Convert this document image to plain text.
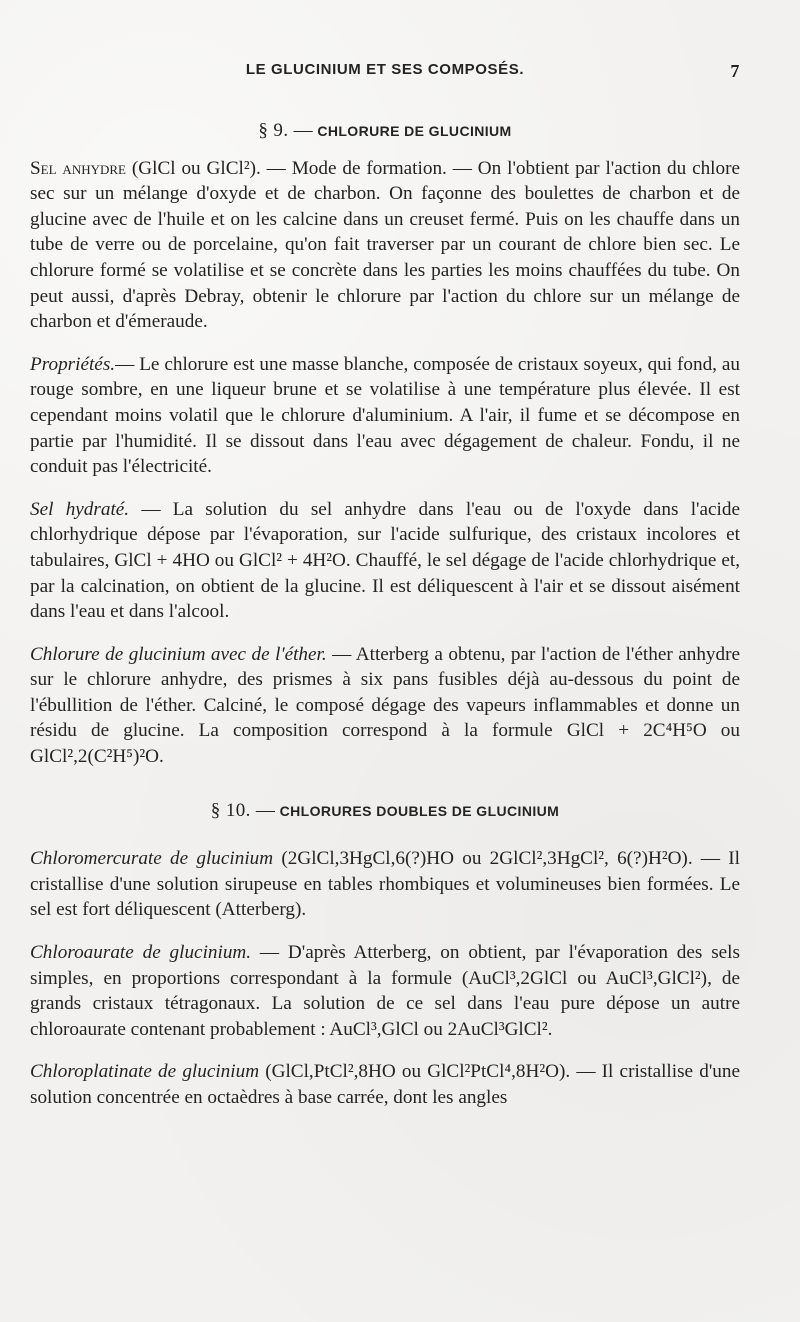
LE GLUCINIUM ET SES COMPOSÉS.	7
§ 9. — CHLORURE DE GLUCINIUM

Sel anhydre (GlCl ou GlCl²). — Mode de formation. — On l'obtient par l'action du chlore sec sur un mélange d'oxyde et de charbon. On façonne des boulettes de charbon et de glucine avec de l'huile et on les calcine dans un creuset fermé. Puis on les chauffe dans un tube de verre ou de porcelaine, qu'on fait traverser par un courant de chlore bien sec. Le chlorure formé se volatilise et se concrète dans les parties les moins chauffées du tube. On peut aussi, d'après Debray, obtenir le chlorure par l'action du chlore sur un mélange de charbon et d'émeraude.

Propriétés.— Le chlorure est une masse blanche, composée de cristaux soyeux, qui fond, au rouge sombre, en une liqueur brune et se volatilise à une température plus élevée. Il est cependant moins volatil que le chlorure d'aluminium. A l'air, il fume et se décompose en partie par l'humidité. Il se dissout dans l'eau avec dégagement de chaleur. Fondu, il ne conduit pas l'électricité.

Sel hydraté. — La solution du sel anhydre dans l'eau ou de l'oxyde dans l'acide chlorhydrique dépose par l'évaporation, sur l'acide sulfurique, des cristaux incolores et tabulaires, GlCl + 4HO ou GlCl² + 4H²O. Chauffé, le sel dégage de l'acide chlorhydrique et, par la calcination, on obtient de la glucine. Il est déliquescent à l'air et se dissout aisément dans l'eau et dans l'alcool.

Chlorure de glucinium avec de l'éther. — Atterberg a obtenu, par l'action de l'éther anhydre sur le chlorure anhydre, des prismes à six pans fusibles déjà au-dessous du point de l'ébullition de l'éther. Calciné, le composé dégage des vapeurs inflammables et donne un résidu de glucine. La composition correspond à la formule GlCl + 2C⁴H⁵O ou GlCl²,2(C²H⁵)²O.

§ 10. — CHLORURES DOUBLES DE GLUCINIUM

Chloromercurate de glucinium (2GlCl,3HgCl,6(?)HO ou 2GlCl²,3HgCl², 6(?)H²O). — Il cristallise d'une solution sirupeuse en tables rhombiques et volumineuses bien formées. Le sel est fort déliquescent (Atterberg).

Chloroaurate de glucinium. — D'après Atterberg, on obtient, par l'évaporation des sels simples, en proportions correspondant à la formule (AuCl³,2GlCl ou AuCl³,GlCl²), de grands cristaux tétragonaux. La solution de ce sel dans l'eau pure dépose un autre chloroaurate contenant probablement : AuCl³,GlCl ou 2AuCl³GlCl².

Chloroplatinate de glucinium (GlCl,PtCl²,8HO ou GlCl²PtCl⁴,8H²O). — Il cristallise d'une solution concentrée en octaèdres à base carrée, dont les angles
